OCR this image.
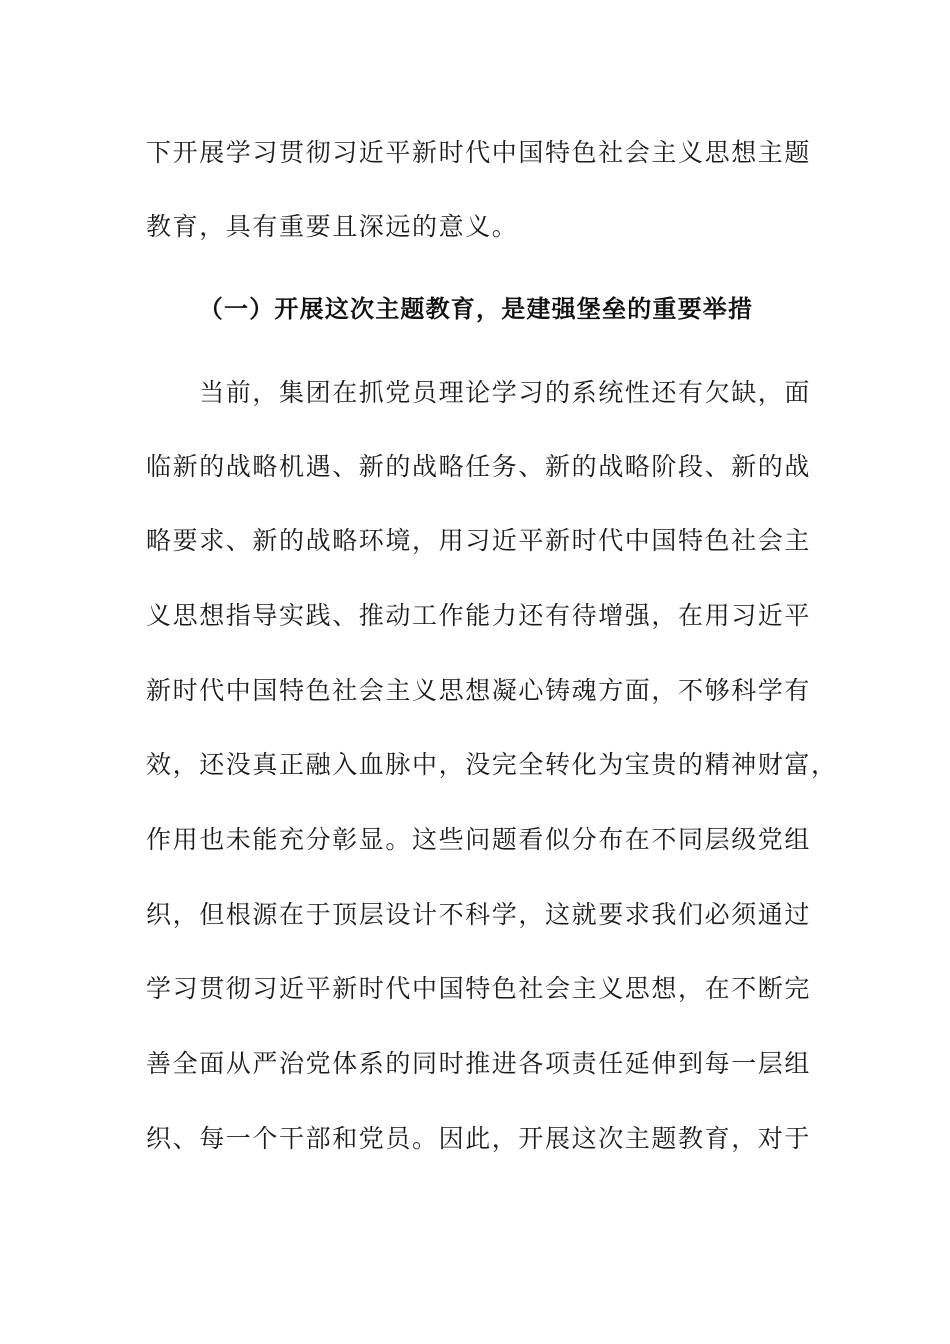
下开展学习贯彻习近平新时代中国特色社会主义思想主题

教育，具有重要且深远的意义。

（一）开展这次主题教育，是建强堡垒的重要举措

　　当前，集团在抓党员理论学习的系统性还有欠缺，面

临新的战略机遇、新的战略任务、新的战略阶段、新的战

略要求、新的战略环境，用习近平新时代中国特色社会主

义思想指导实践、推动工作能力还有待增强，在用习近平

新时代中国特色社会主义思想凝心铸魂方面，不够科学有

效，还没真正融入血脉中，没完全转化为宝贵的精神财富，

作用也未能充分彰显。这些问题看似分布在不同层级党组

织，但根源在于顶层设计不科学，这就要求我们必须通过

学习贯彻习近平新时代中国特色社会主义思想，在不断完

善全面从严治党体系的同时推进各项责任延伸到每一层组

织、每一个干部和党员。因此，开展这次主题教育，对于
